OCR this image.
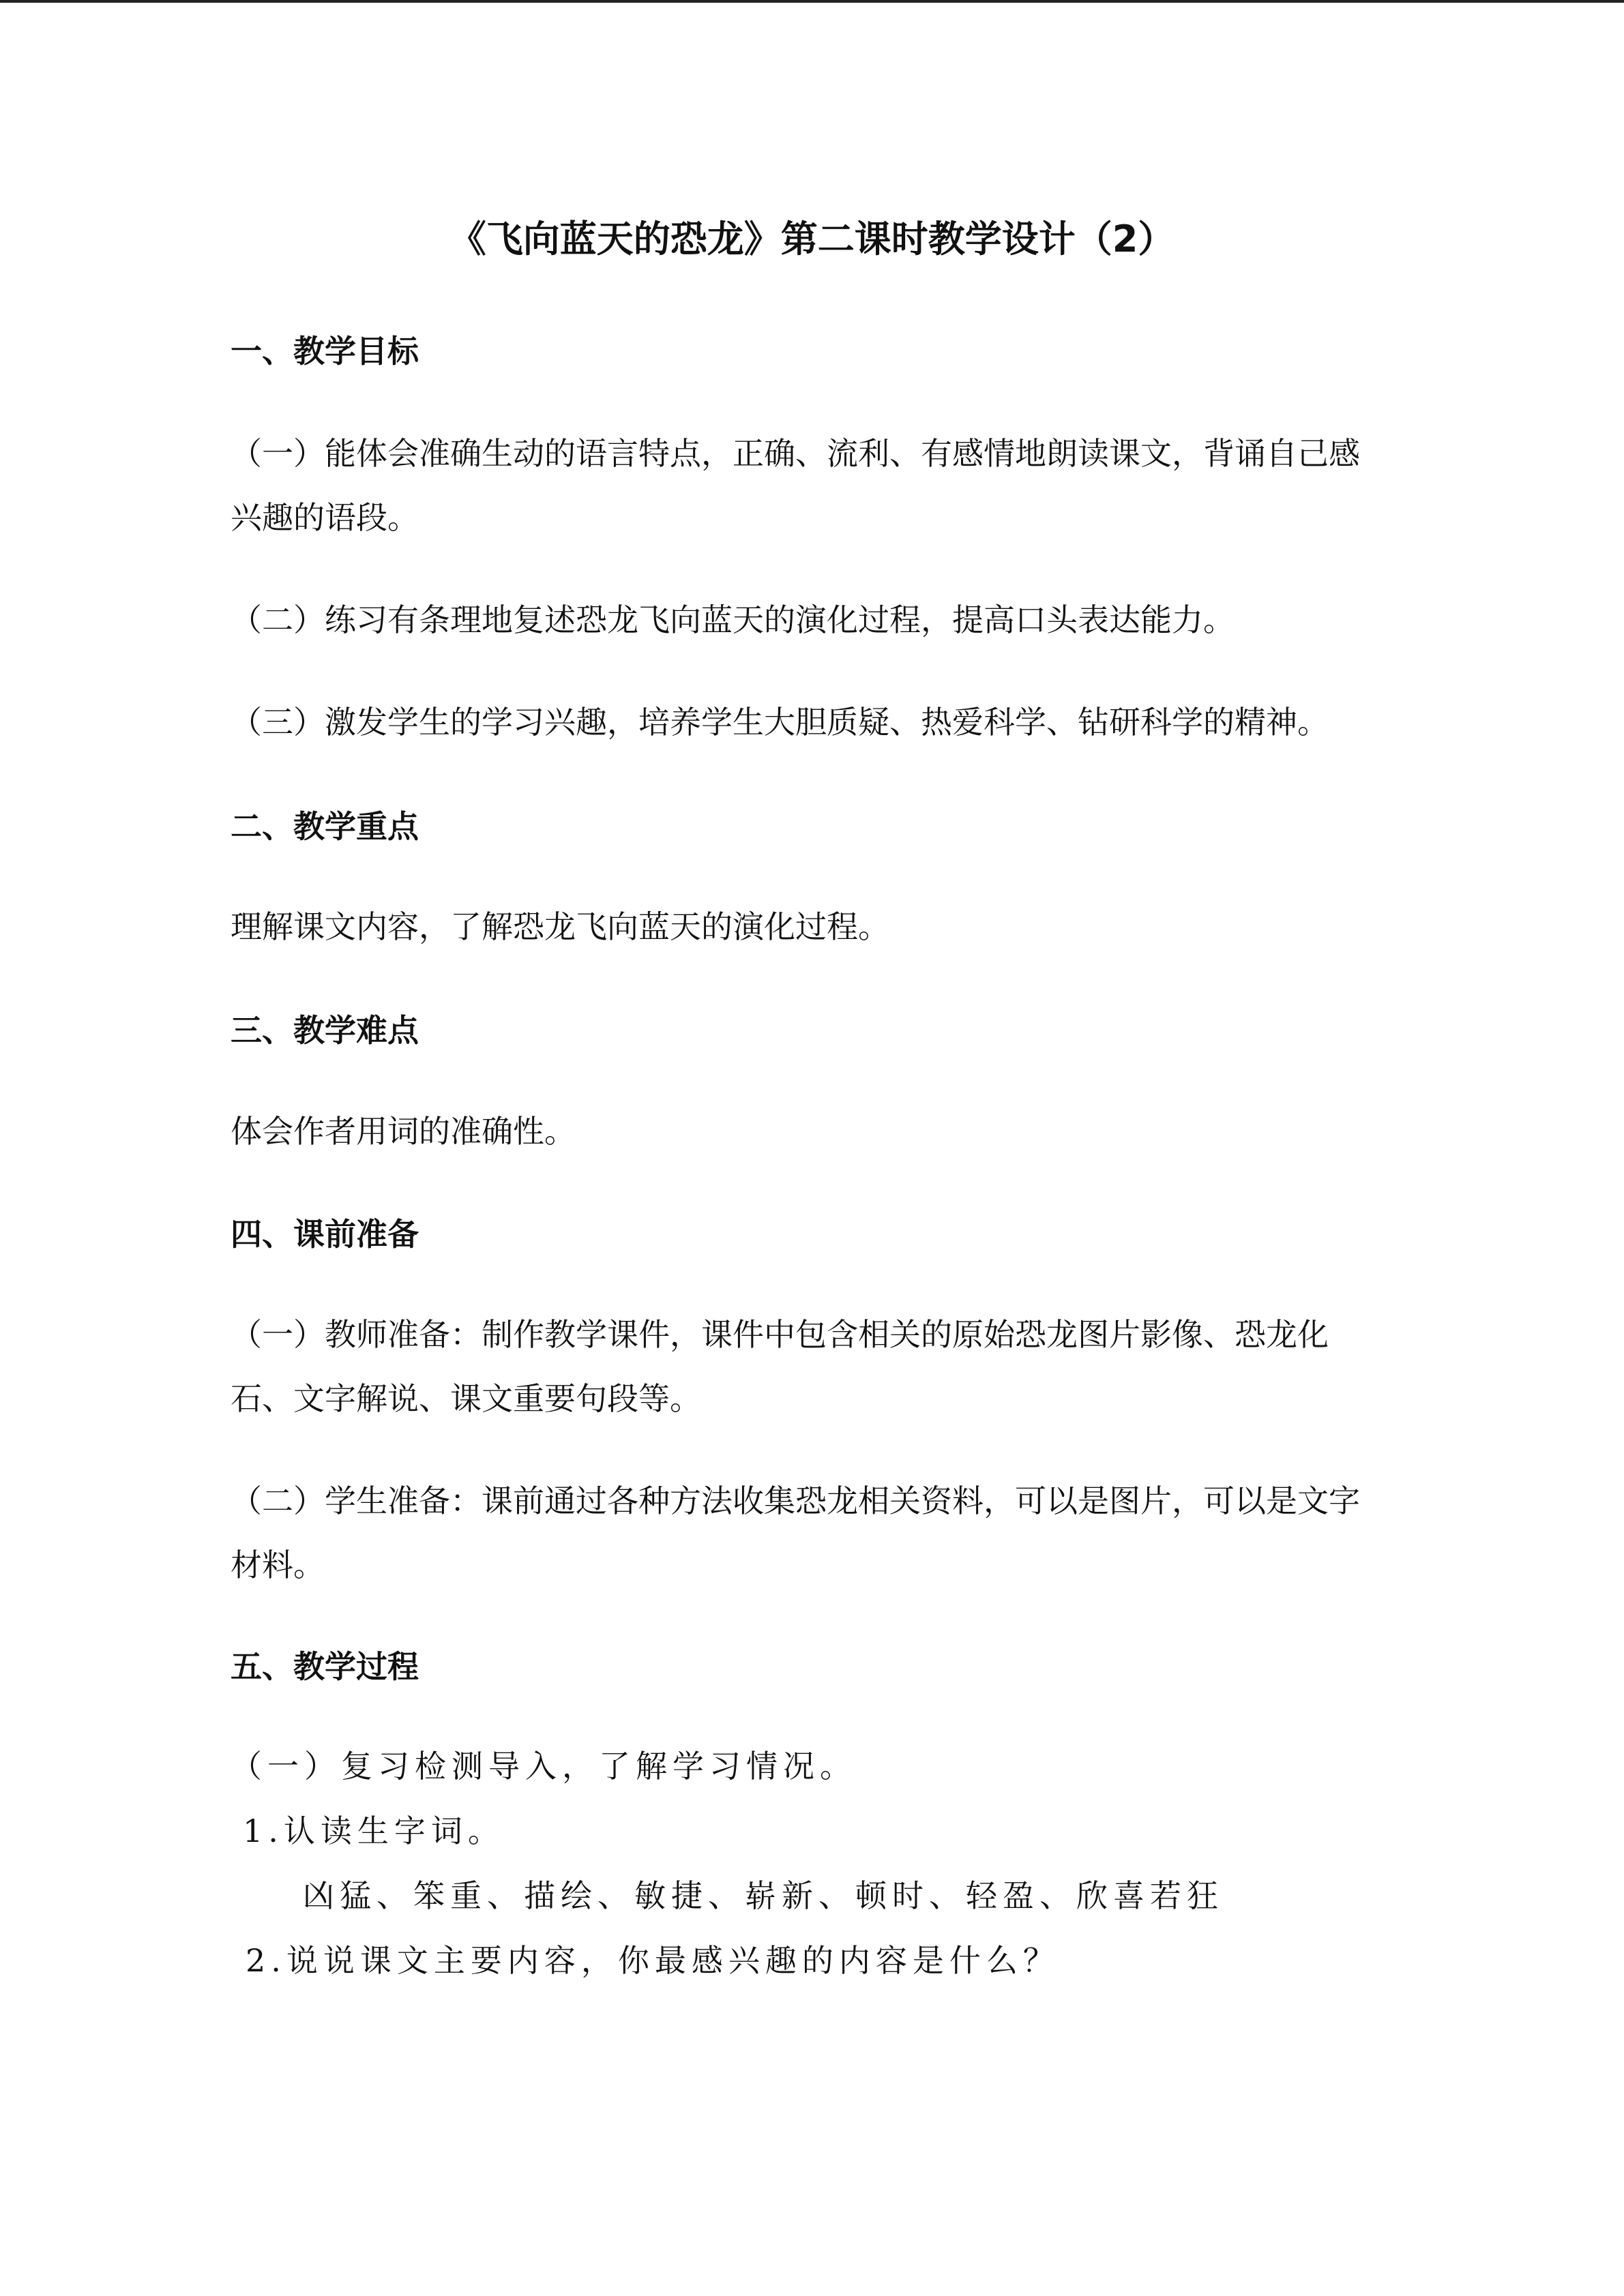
《飞向蓝天的恐龙》第二课时教学设计（2）
一、教学目标

（一）能体会准确生动的语言特点，正确、流利、有感情地朗读课文，背诵自己感兴趣的语段。

（二）练习有条理地复述恐龙飞向蓝天的演化过程，提高口头表达能力。

（三）激发学生的学习兴趣，培养学生大胆质疑、热爱科学、钻研科学的精神。

二、教学重点

理解课文内容，了解恐龙飞向蓝天的演化过程。

三、教学难点

体会作者用词的准确性。

四、课前准备

（一）教师准备：制作教学课件，课件中包含相关的原始恐龙图片影像、恐龙化石、文字解说、课文重要句段等。

（二）学生准备：课前通过各种方法收集恐龙相关资料，可以是图片，可以是文字材料。

五、教学过程

（一）复习检测导入，了解学习情况。

1.认读生字词。

凶猛、笨重、描绘、敏捷、崭新、顿时、轻盈、欣喜若狂

2.说说课文主要内容，你最感兴趣的内容是什么？
